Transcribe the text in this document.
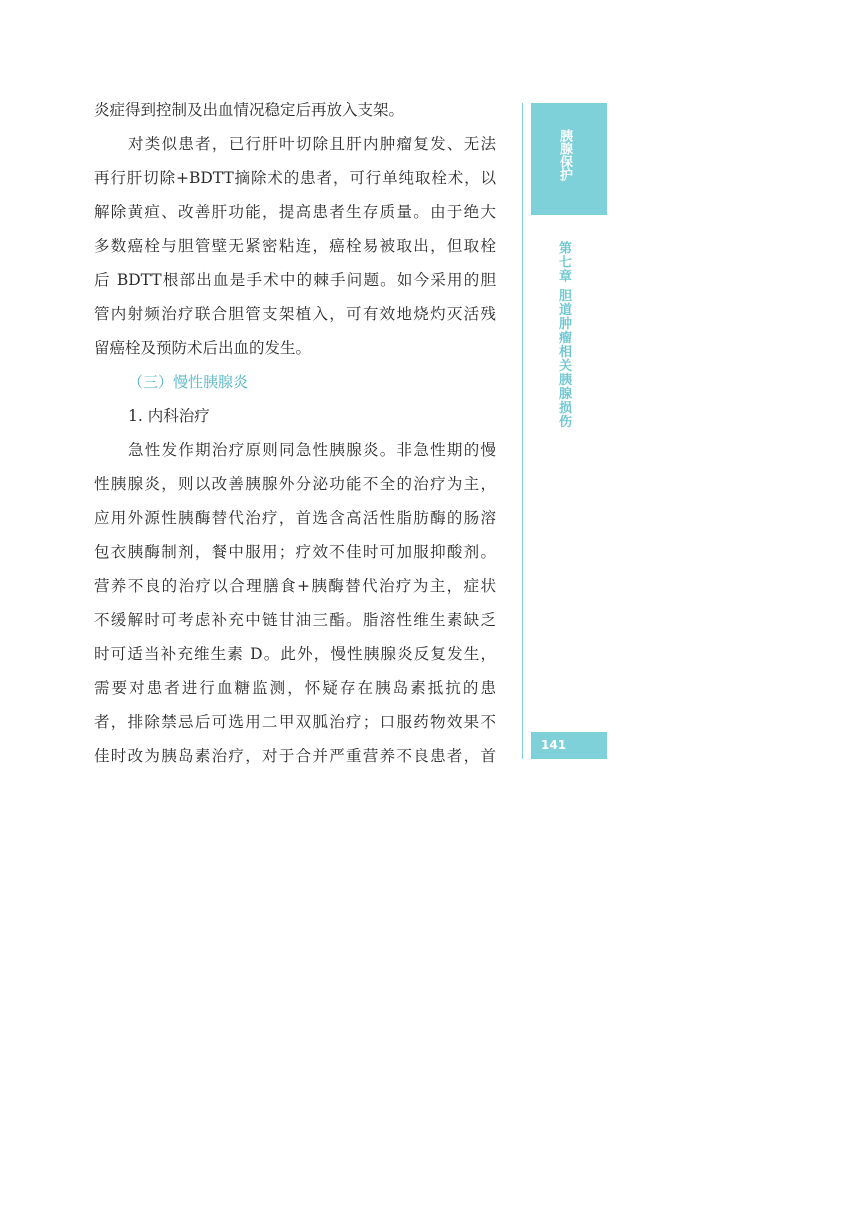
炎症得到控制及出血情况稳定后再放入支架。
对类似患者，已行肝叶切除且肝内肿瘤复发、无法
再行肝切除+BDTT摘除术的患者，可行单纯取栓术，以
解除黄疸、改善肝功能，提高患者生存质量。由于绝大
多数癌栓与胆管壁无紧密粘连，癌栓易被取出，但取栓
后 BDTT根部出血是手术中的棘手问题。如今采用的胆
管内射频治疗联合胆管支架植入，可有效地烧灼灭活残
留癌栓及预防术后出血的发生。
（三）慢性胰腺炎
1. 内科治疗
急性发作期治疗原则同急性胰腺炎。非急性期的慢
性胰腺炎，则以改善胰腺外分泌功能不全的治疗为主，
应用外源性胰酶替代治疗，首选含高活性脂肪酶的肠溶
包衣胰酶制剂，餐中服用；疗效不佳时可加服抑酸剂。
营养不良的治疗以合理膳食+胰酶替代治疗为主，症状
不缓解时可考虑补充中链甘油三酯。脂溶性维生素缺乏
时可适当补充维生素 D。此外，慢性胰腺炎反复发生，
需要对患者进行血糖监测，怀疑存在胰岛素抵抗的患
者，排除禁忌后可选用二甲双胍治疗；口服药物效果不
佳时改为胰岛素治疗，对于合并严重营养不良患者，首
胰腺保护
第七章 胆道肿瘤相关胰腺损伤
141
